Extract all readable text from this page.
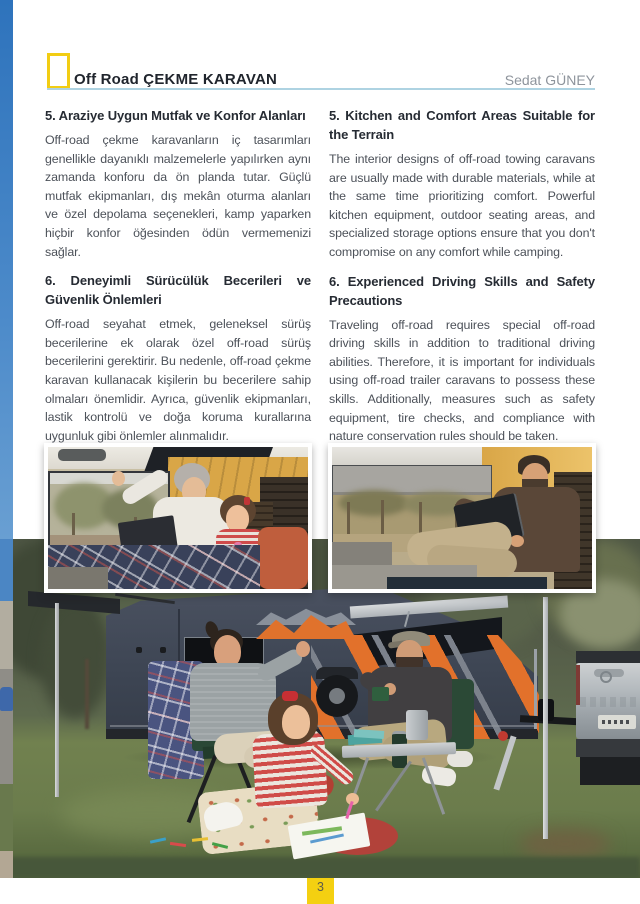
Off Road ÇEKME KARAVAN	Sedat GÜNEY
5. Araziye Uygun Mutfak ve Konfor Alanları

Off-road çekme karavanların iç tasarımları genellikle dayanıklı malzemelerle yapılırken aynı zamanda konforu da ön planda tutar. Güçlü mutfak ekipmanları, dış mekân oturma alanları ve özel depolama seçenekleri, kamp yaparken hiçbir konfor öğesinden ödün vermemenizi sağlar.

6. Deneyimli Sürücülük Becerileri ve Güvenlik Önlemleri

Off-road seyahat etmek, geleneksel sürüş becerilerine ek olarak özel off-road sürüş becerilerini gerektirir. Bu nedenle, off-road çekme karavan kullanacak kişilerin bu becerilere sahip olmaları önemlidir. Ayrıca, güvenlik ekipmanları, lastik kontrolü ve doğa koruma kurallarına uygunluk gibi önlemler alınmalıdır.

5. Kitchen and Comfort Areas Suitable for the Terrain

The interior designs of off-road towing caravans are usually made with durable materials, while at the same time prioritizing comfort. Powerful kitchen equipment, outdoor seating areas, and specialized storage options ensure that you don't compromise on any comfort while camping.

6. Experienced Driving Skills and Safety Precautions

Traveling off-road requires special off-road driving skills in addition to traditional driving abilities. Therefore, it is important for individuals using off-road trailer caravans to possess these skills. Additionally, measures such as safety equipment, tire checks, and compliance with nature conservation rules should be taken.

3
